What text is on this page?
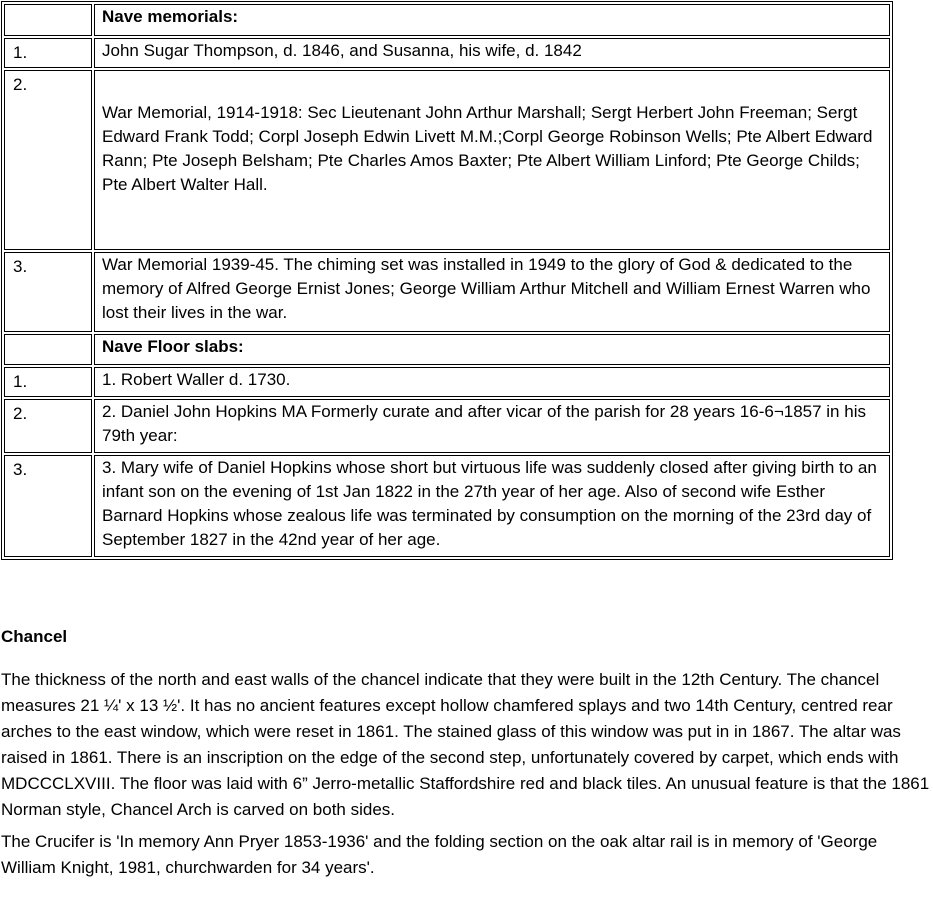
	Nave memorials:
1.	John Sugar Thompson, d. 1846, and Susanna, his wife, d. 1842
2.	War Memorial, 1914-1918: Sec Lieutenant John Arthur Marshall; Sergt Herbert John Freeman; Sergt Edward Frank Todd; Corpl Joseph Edwin Livett M.M.;Corpl George Robinson Wells; Pte Albert Edward Rann; Pte Joseph Belsham; Pte Charles Amos Baxter; Pte Albert William Linford; Pte George Childs; Pte Albert Walter Hall.
3.	War Memorial 1939-45. The chiming set was installed in 1949 to the glory of God & dedicated to the memory of Alfred George Ernist Jones; George William Arthur Mitchell and William Ernest Warren who lost their lives in the war.
	Nave Floor slabs:
1.	1. Robert Waller d. 1730.
2.	2. Daniel John Hopkins MA Formerly curate and after vicar of the parish for 28 years 16-6¬1857 in his 79th year:
3.	3. Mary wife of Daniel Hopkins whose short but virtuous life was suddenly closed after giving birth to an infant son on the evening of 1st Jan 1822 in the 27th year of her age. Also of second wife Esther Barnard Hopkins whose zealous life was terminated by consumption on the morning of the 23rd day of September 1827 in the 42nd year of her age.
Chancel

The thickness of the north and east walls of the chancel indicate that they were built in the 12th Century. The chancel measures 21 ¼' x 13 ½'. It has no ancient features except hollow chamfered splays and two 14th Century, centred rear arches to the east window, which were reset in 1861. The stained glass of this window was put in in 1867. The altar was raised in 1861. There is an inscription on the edge of the second step, unfortunately covered by carpet, which ends with MDCCCLXVIII. The floor was laid with 6” Jerro-metallic Staffordshire red and black tiles. An unusual feature is that the 1861 Norman style, Chancel Arch is carved on both sides.

The Crucifer is 'In memory Ann Pryer 1853-1936' and the folding section on the oak altar rail is in memory of 'George William Knight, 1981, churchwarden for 34 years'.
